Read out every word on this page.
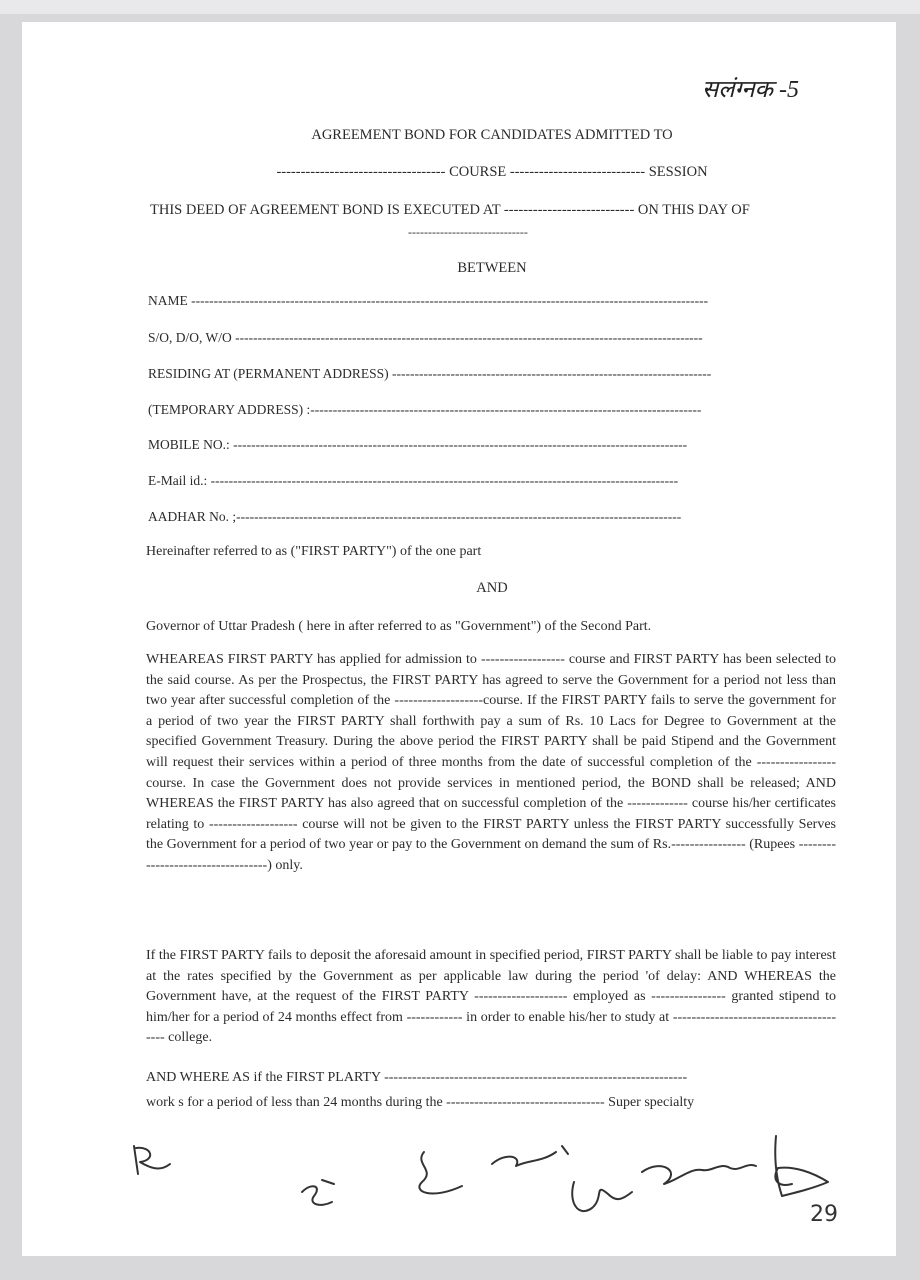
सलंग्नक -5
AGREEMENT BOND FOR CANDIDATES ADMITTED TO
----------------------------------- COURSE ---------------------------- SESSION
THIS DEED OF AGREEMENT BOND IS EXECUTED AT --------------------------- ON THIS DAY OF
------------------------------
BETWEEN
NAME -------------------------------------------------------------------------------------------------------------------
S/O, D/O, W/O --------------------------------------------------------------------------------------------------------
RESIDING AT (PERMANENT ADDRESS) -----------------------------------------------------------------------
(TEMPORARY ADDRESS) :---------------------------------------------------------------------------------------
MOBILE NO.: -----------------------------------------------------------------------------------------------------
E-Mail id.: --------------------------------------------------------------------------------------------------------
AADHAR No. ;---------------------------------------------------------------------------------------------------
Hereinafter referred to as ("FIRST PARTY") of the one part
AND
Governor of Uttar Pradesh ( here in after referred to as "Government") of the Second Part.
WHEAREAS FIRST PARTY has applied for admission to ------------------ course and FIRST PARTY has been selected to the said course. As per the Prospectus, the FIRST PARTY has agreed to serve the Government for a period not less than two year after successful completion of the -------------------course. If the FIRST PARTY fails to serve the government for a period of two year the FIRST PARTY shall forthwith pay a sum of Rs. 10 Lacs for Degree to Government at the specified Government Treasury. During the above period the FIRST PARTY shall be paid Stipend and the Government will request their services within a period of three months from the date of successful completion of the ----------------- course. In case the Government does not provide services in mentioned period, the BOND shall be released; AND WHEREAS the FIRST PARTY has also agreed that on successful completion of the ------------- course his/her certificates relating to ------------------- course will not be given to the FIRST PARTY unless the FIRST PARTY successfully Serves the Government for a period of two year or pay to the Government on demand the sum of Rs.---------------- (Rupees ----------------------------------) only.
If the FIRST PARTY fails to deposit the aforesaid amount in specified period, FIRST PARTY shall be liable to pay interest at the rates specified by the Government as per applicable law during the period 'of delay: AND WHEREAS the Government have, at the request of the FIRST PARTY -------------------- employed as ---------------- granted stipend to him/her for a period of 24 months effect from ------------ in order to enable his/her to study at --------------------------------------- college.
AND WHERE AS if the FIRST PLARTY -----------------------------------------------------------------
work s for a period of less than 24 months during the ---------------------------------- Super specialty
29
